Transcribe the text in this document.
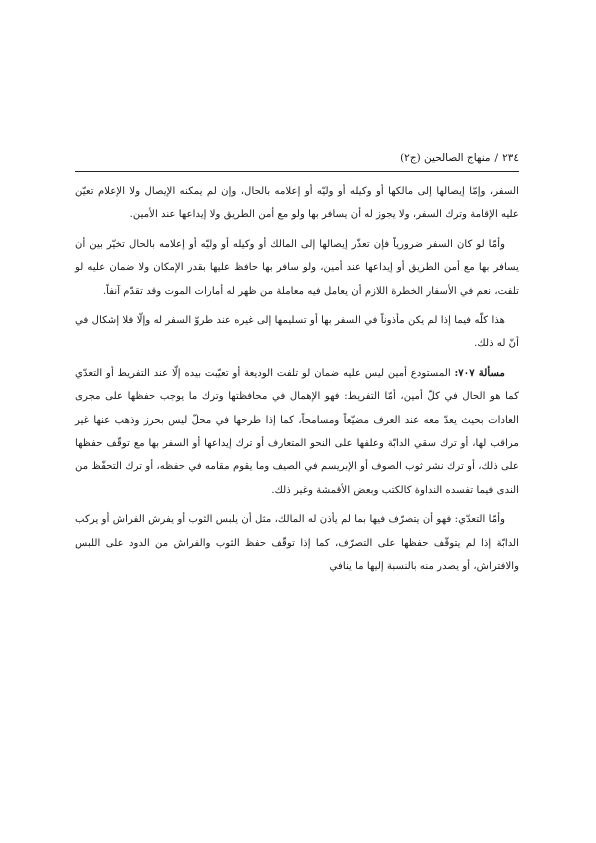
٢٣٤
/
منهاج الصالحين (ج٢)

السفر، وإمّا إيصالها إلى مالكها أو وكيله أو وليّه أو إعلامه بالحال، وإن لم يمكنه الإيصال ولا الإعلام تعيّن عليه الإقامة وترك السفر، ولا يجوز له أن يسافر بها ولو مع أمن الطريق ولا إيداعها عند الأمين.

وأمّا لو كان السفر ضرورياً فإن تعذّر إيصالها إلى المالك أو وكيله أو وليّه أو إعلامه بالحال تخيّر بين أن يسافر بها مع أمن الطريق أو إيداعها عند أمين، ولو سافر بها حافظ عليها بقدر الإمكان ولا ضمان عليه لو تلفت، نعم في الأسفار الخطرة اللازم أن يعامل فيه معاملة من ظهر له أمارات الموت وقد تقدّم آنفاً.

هذا كلّه فيما إذا لم يكن مأذوناً في السفر بها أو تسليمها إلى غيره عند طروّ السفر له وإلّا فلا إشكال في أنّ له ذلك.

مسألة ٧٠٧: المستودع أمين ليس عليه ضمان لو تلفت الوديعة أو تعيّبت بيده إلّا عند التفريط أو التعدّي كما هو الحال في كلّ أمين، أمّا التفريط: فهو الإهمال في محافظتها وترك ما يوجب حفظها على مجرى العادات بحيث يعدّ معه عند العرف مضيّعاً ومسامحاً، كما إذا طرحها في محلّ ليس بحرز وذهب عنها غير مراقب لها، أو ترك سقي الدابّة وعلفها على النحو المتعارف أو ترك إيداعها أو السفر بها مع توقّف حفظها على ذلك، أو ترك نشر ثوب الصوف أو الإبريسم في الصيف وما يقوم مقامه في حفظه، أو ترك التحفّظ من الندى فيما تفسده النداوة كالكتب وبعض الأقمشة وغير ذلك.

وأمّا التعدّي: فهو أن يتصرّف فيها بما لم يأذن له المالك، مثل أن يلبس الثوب أو يفرش الفراش أو يركب الدابّة إذا لم يتوقّف حفظها على التصرّف، كما إذا توقّف حفظ الثوب والفراش من الدود على اللبس والافتراش، أو يصدر منه بالنسبة إليها ما ينافي
